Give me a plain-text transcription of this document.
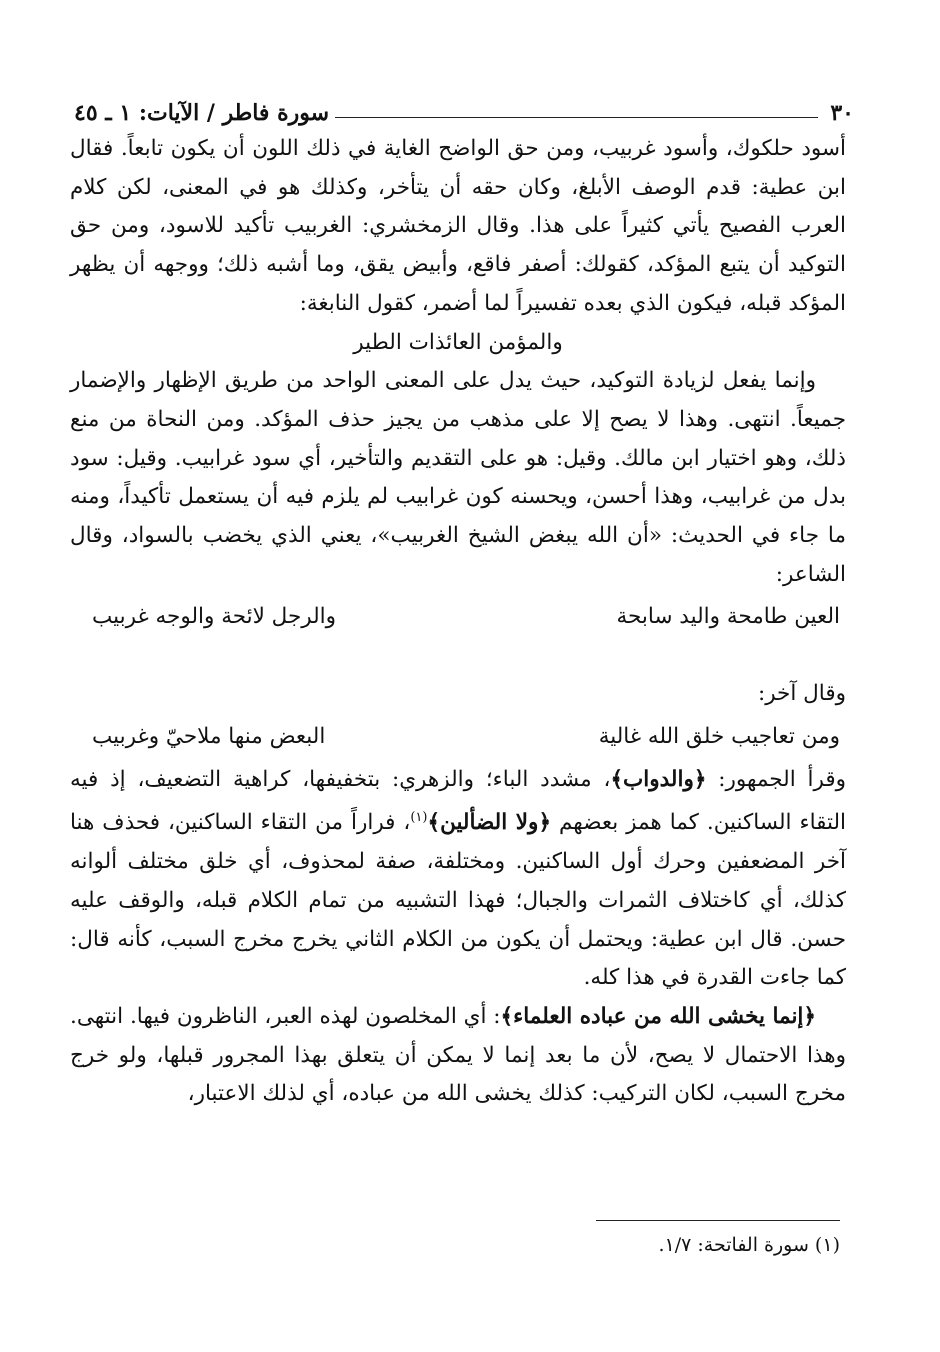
٣٠
سورة فاطر / الآيات: ١ ـ ٤٥

أسود حلكوك، وأسود غربيب، ومن حق الواضح الغاية في ذلك اللون أن يكون تابعاً. فقال ابن عطية: قدم الوصف الأبلغ، وكان حقه أن يتأخر، وكذلك هو في المعنى، لكن كلام العرب الفصيح يأتي كثيراً على هذا. وقال الزمخشري: الغربيب تأكيد للاسود، ومن حق التوكيد أن يتبع المؤكد، كقولك: أصفر فاقع، وأبيض يقق، وما أشبه ذلك؛ ووجهه أن يظهر المؤكد قبله، فيكون الذي بعده تفسيراً لما أضمر، كقول النابغة:

والمؤمن العائذات الطير

وإنما يفعل لزيادة التوكيد، حيث يدل على المعنى الواحد من طريق الإظهار والإضمار جميعاً. انتهى. وهذا لا يصح إلا على مذهب من يجيز حذف المؤكد. ومن النحاة من منع ذلك، وهو اختيار ابن مالك. وقيل: هو على التقديم والتأخير، أي سود غرابيب. وقيل: سود بدل من غرابيب، وهذا أحسن، ويحسنه كون غرابيب لم يلزم فيه أن يستعمل تأكيداً، ومنه ما جاء في الحديث: «أن الله يبغض الشيخ الغربيب»، يعني الذي يخضب بالسواد، وقال الشاعر:

العين طامحة واليد سابحة
والرجل لائحة والوجه غربيب

وقال آخر:

ومن تعاجيب خلق الله غالية
البعض منها ملاحيّ وغربيب

وقرأ الجمهور: ﴿والدواب﴾، مشدد الباء؛ والزهري: بتخفيفها، كراهية التضعيف، إذ فيه التقاء الساكنين. كما همز بعضهم ﴿ولا الضألين﴾$^{(١)}$، فراراً من التقاء الساكنين، فحذف هنا آخر المضعفين وحرك أول الساكنين. ومختلفة، صفة لمحذوف، أي خلق مختلف ألوانه كذلك، أي كاختلاف الثمرات والجبال؛ فهذا التشبيه من تمام الكلام قبله، والوقف عليه حسن. قال ابن عطية: ويحتمل أن يكون من الكلام الثاني يخرج مخرج السبب، كأنه قال: كما جاءت القدرة في هذا كله.

﴿إنما يخشى الله من عباده العلماء﴾: أي المخلصون لهذه العبر، الناظرون فيها. انتهى. وهذا الاحتمال لا يصح، لأن ما بعد إنما لا يمكن أن يتعلق بهذا المجرور قبلها، ولو خرج مخرج السبب، لكان التركيب: كذلك يخشى الله من عباده، أي لذلك الاعتبار،

(١) سورة الفاتحة: ١/٧.
